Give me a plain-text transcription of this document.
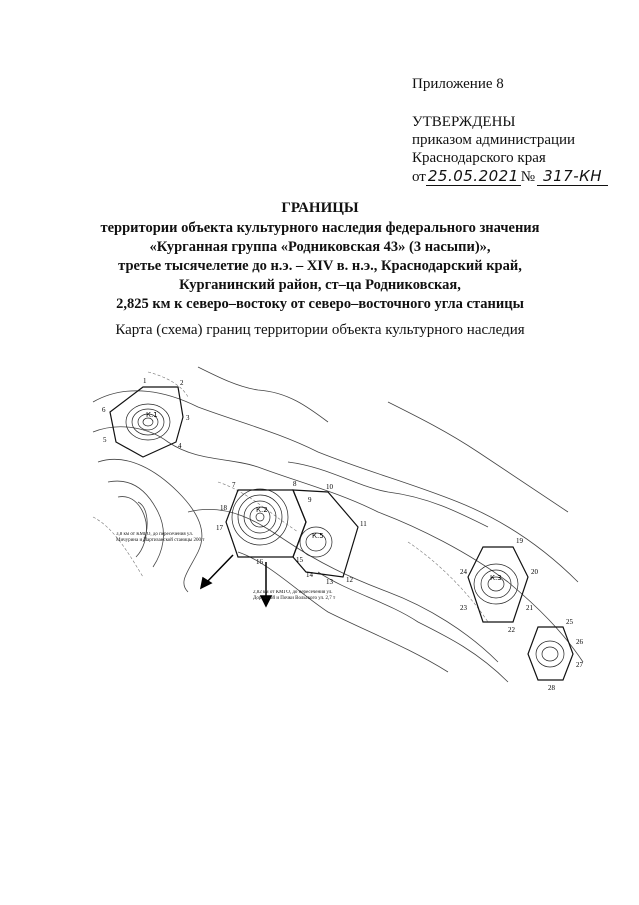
Приложение 8
УТВЕРЖДЕНЫ
приказом администрации
Краснодарского края
от 25.05.2021 № 317-КН
ГРАНИЦЫ
территории объекта культурного наследия федерального значения
«Курганная группа «Родниковская 43» (3 насыпи)»,
третье тысячелетие до н.э. – XIV в. н.э., Краснодарский край,
Курганинский район, ст–ца Родниковская,
2,825 км к северо–востоку от северо–восточного угла станицы
Карта (схема) границ территории объекта культурного наследия
К.1
К.2
К.3
К.5
1	2
3
4
5
6
7	8
9
10
11
12
13
14
15
16
17
18
19
20
21
22
23
24
25
26
27
28
3,8 км от КМГО, до пересечения ул. Мичурина и Партизанской станицы 200 т
2,82 км от КМГО, до пересечения ул. Дорожной и Почки Вольского ул. 2,7 т
